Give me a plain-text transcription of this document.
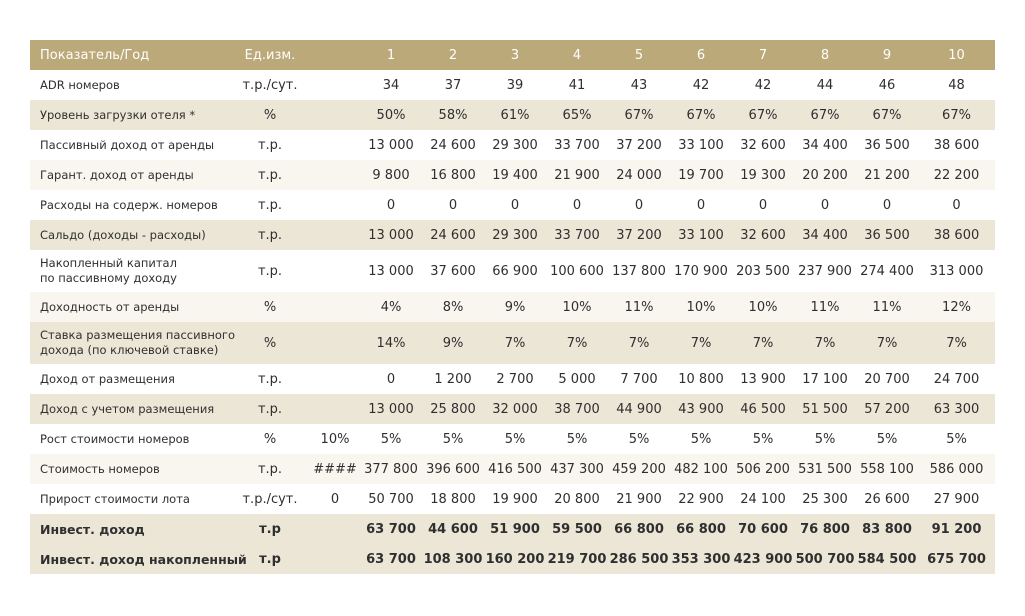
Показатель/Год	Ед.изм.		1	2	3	4	5	6	7	8	9	10
ADR номеров	т.р./сут.		34	37	39	41	43	42	42	44	46	48
Уровень загрузки отеля *	%		50%	58%	61%	65%	67%	67%	67%	67%	67%	67%
Пассивный доход от аренды	т.р.		13 000	24 600	29 300	33 700	37 200	33 100	32 600	34 400	36 500	38 600
Гарант. доход от аренды	т.р.		9 800	16 800	19 400	21 900	24 000	19 700	19 300	20 200	21 200	22 200
Расходы на содерж. номеров	т.р.		0	0	0	0	0	0	0	0	0	0
Сальдо (доходы - расходы)	т.р.		13 000	24 600	29 300	33 700	37 200	33 100	32 600	34 400	36 500	38 600
Накопленный капитал
по пассивному доходу	т.р.		13 000	37 600	66 900	100 600	137 800	170 900	203 500	237 900	274 400	313 000
Доходность от аренды	%		4%	8%	9%	10%	11%	10%	10%	11%	11%	12%
Ставка размещения пассивного
дохода (по ключевой ставке)	%		14%	9%	7%	7%	7%	7%	7%	7%	7%	7%
Доход от размещения	т.р.		0	1 200	2 700	5 000	7 700	10 800	13 900	17 100	20 700	24 700
Доход с учетом размещения	т.р.		13 000	25 800	32 000	38 700	44 900	43 900	46 500	51 500	57 200	63 300
Рост стоимости номеров	%	10%	5%	5%	5%	5%	5%	5%	5%	5%	5%	5%
Стоимость номеров	т.р.	####	377 800	396 600	416 500	437 300	459 200	482 100	506 200	531 500	558 100	586 000
Прирост стоимости лота	т.р./сут.	0	50 700	18 800	19 900	20 800	21 900	22 900	24 100	25 300	26 600	27 900
Инвест. доход	т.р		63 700	44 600	51 900	59 500	66 800	66 800	70 600	76 800	83 800	91 200
Инвест. доход накопленный	т.р		63 700	108 300	160 200	219 700	286 500	353 300	423 900	500 700	584 500	675 700
